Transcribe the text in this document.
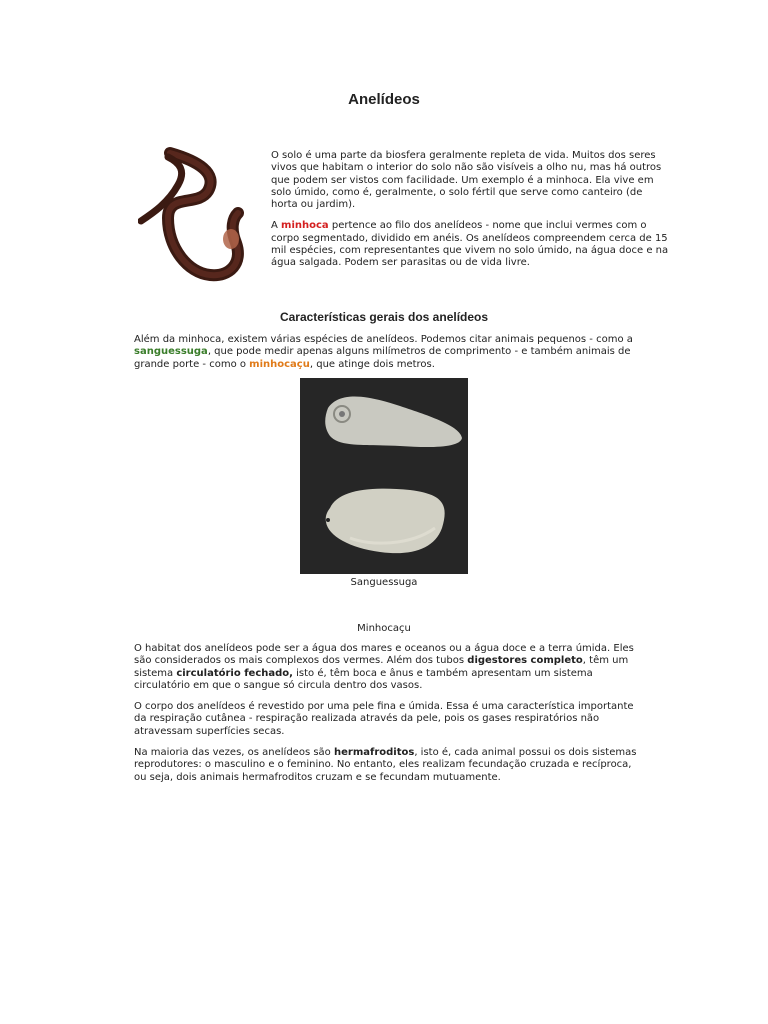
Anelídeos

O solo é uma parte da biosfera geralmente repleta de vida. Muitos dos seres vivos que habitam o interior do solo não são visíveis a olho nu, mas há outros que podem ser vistos com facilidade. Um exemplo é a minhoca. Ela vive em solo úmido, como é, geralmente, o solo fértil que serve como canteiro (de horta ou jardim).

A minhoca pertence ao filo dos anelídeos - nome que inclui vermes com o corpo segmentado, dividido em anéis. Os anelídeos compreendem cerca de 15 mil espécies, com representantes que vivem no solo úmido, na água doce e na água salgada. Podem ser parasitas ou de vida livre.

Características gerais dos anelídeos

Além da minhoca, existem várias espécies de anelídeos. Podemos citar animais pequenos - como a sanguessuga, que pode medir apenas alguns milímetros de comprimento - e também animais de grande porte - como o minhocaçu, que atinge dois metros.

Sanguessuga
Minhocaçu

O habitat dos anelídeos pode ser a água dos mares e oceanos ou a água doce e a terra úmida. Eles são considerados os mais complexos dos vermes. Além dos tubos digestores completo, têm um sistema circulatório fechado, isto é, têm boca e ânus e também apresentam um sistema circulatório em que o sangue só circula dentro dos vasos.

O corpo dos anelídeos é revestido por uma pele fina e úmida. Essa é uma característica importante da respiração cutânea - respiração realizada através da pele, pois os gases respiratórios não atravessam superfícies secas.

Na maioria das vezes, os anelídeos são hermafroditos, isto é, cada animal possui os dois sistemas reprodutores: o masculino e o feminino. No entanto, eles realizam fecundação cruzada e recíproca, ou seja, dois animais hermafroditos cruzam e se fecundam mutuamente.
